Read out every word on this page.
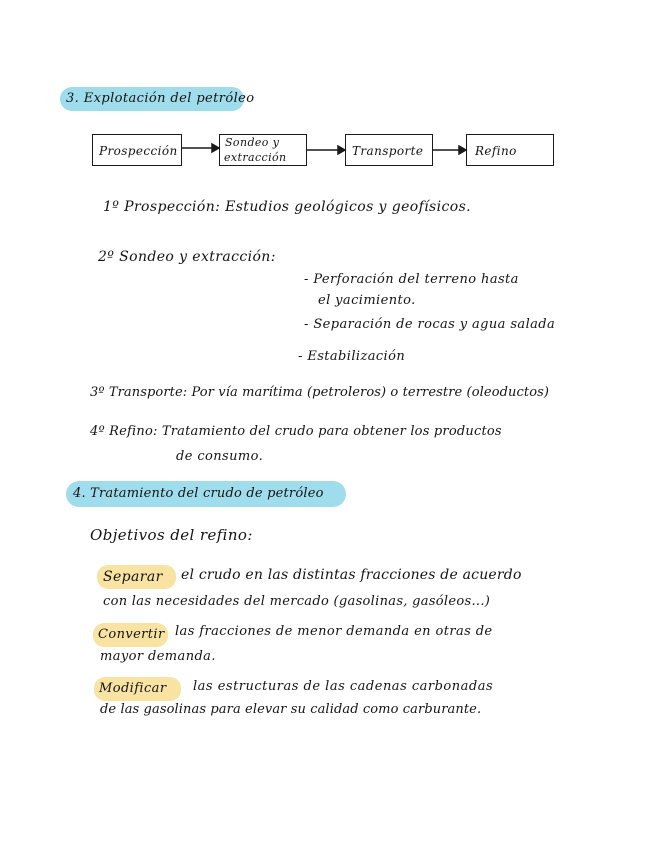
3. Explotación del petróleo
Prospección
Sondeo y
extracción	Transporte	Refino
1º Prospección: Estudios geológicos y geofísicos.
2º Sondeo y extracción:
- Perforación del terreno hasta
el yacimiento.
- Separación de rocas y agua salada
- Estabilización
3º Transporte: Por vía marítima (petroleros) o terrestre (oleoductos)
4º Refino: Tratamiento del crudo para obtener los productos
de consumo.
4. Tratamiento del crudo de petróleo
Objetivos del refino:
Separar el crudo en las distintas fracciones de acuerdo
con las necesidades del mercado (gasolinas, gasóleos...)
Convertir las fracciones de menor demanda en otras de
mayor demanda.
Modificar las estructuras de las cadenas carbonadas
de las gasolinas para elevar su calidad como carburante.
